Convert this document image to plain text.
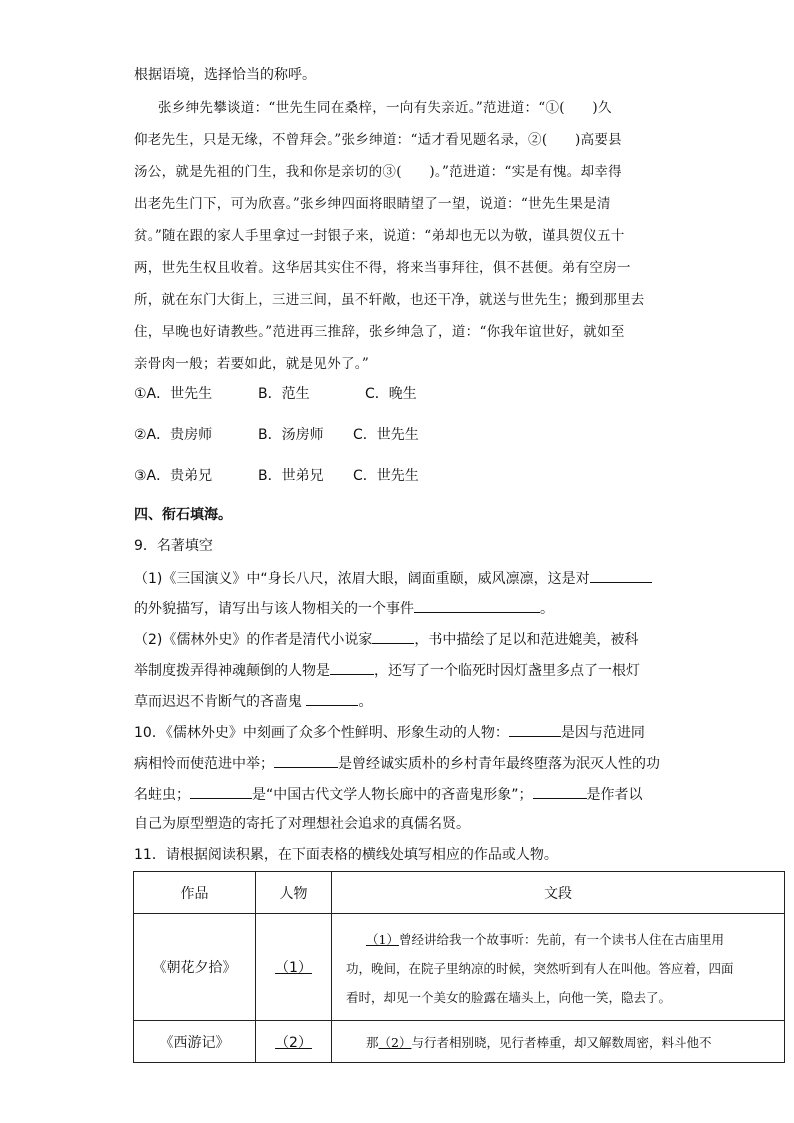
根据语境，选择恰当的称呼。
张乡绅先攀谈道：“世先生同在桑梓，一向有失亲近。”范进道：“①(　　)久
仰老先生，只是无缘，不曾拜会。”张乡绅道：“适才看见题名录，②(　　)高要县
汤公，就是先祖的门生，我和你是亲切的③(　　)。”范进道：“实是有愧。却幸得
出老先生门下，可为欣喜。”张乡绅四面将眼睛望了一望，说道：“世先生果是清
贫。”随在跟的家人手里拿过一封银子来，说道：“弟却也无以为敬，谨具贺仪五十
两，世先生权且收着。这华居其实住不得，将来当事拜往，俱不甚便。弟有空房一
所，就在东门大街上，三进三间，虽不轩敞，也还干净，就送与世先生；搬到那里去
住，早晚也好请教些。”范进再三推辞，张乡绅急了，道：“你我年谊世好，就如至
亲骨肉一般；若要如此，就是见外了。”
①A．世先生	B．范生	C．晚生
②A．贵房师	B．汤房师 C．世先生
③A．贵弟兄	B．世弟兄 C．世先生
四、衔石填海。
9．名著填空
（1)《三国演义》中“身长八尺，浓眉大眼，阔面重颐，威风凛凛，这是对
的外貌描写，请写出与该人物相关的一个事件	。
（2)《儒林外史》的作者是清代小说家	，书中描绘了足以和范进媲美，被科
举制度拨弄得神魂颠倒的人物是	，还写了一个临死时因灯盏里多点了一根灯
草而迟迟不肯断气的吝啬鬼	。
10．《儒林外史》中刻画了众多个性鲜明、形象生动的人物：	是因与范进同
病相怜而使范进中举；	是曾经诚实质朴的乡村青年最终堕落为泯灭人性的功
名蛀虫；	是“中国古代文学人物长廊中的吝啬鬼形象”；	是作者以
自己为原型塑造的寄托了对理想社会追求的真儒名贤。
11．请根据阅读积累，在下面表格的横线处填写相应的作品或人物。
作品	人物	文段
《朝花夕拾》	（1）	（1）曾经讲给我一个故事听：先前，有一个读书人住在古庙里用
功，晚间，在院子里纳凉的时候，突然听到有人在叫他。答应着，四面
看时，却见一个美女的脸露在墙头上，向他一笑，隐去了。

《西游记》	（2）	那（2）与行者相别晓，见行者棒重，却又解数周密，料斗他不
